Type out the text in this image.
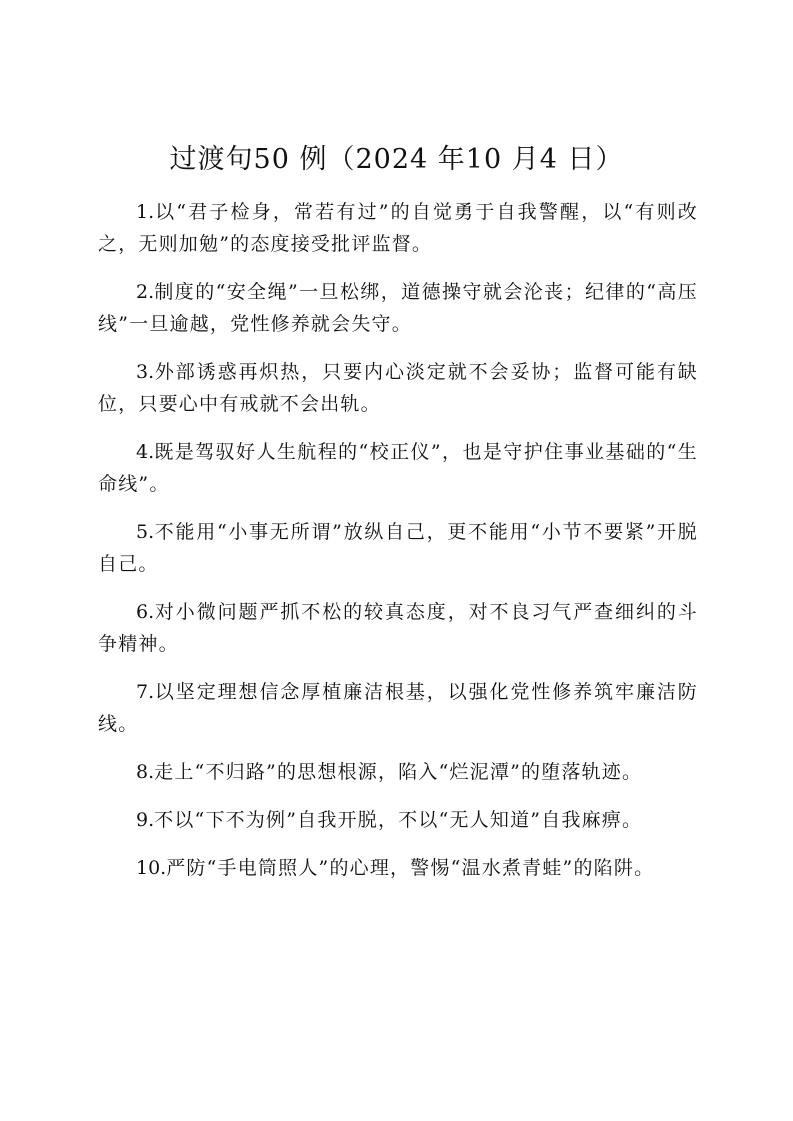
过渡句50 例（2024 年10 月4 日）
1.以“君子检身，常若有过”的自觉勇于自我警醒，以“有则改之，无则加勉”的态度接受批评监督。
2.制度的“安全绳”一旦松绑，道德操守就会沦丧；纪律的“高压线”一旦逾越，党性修养就会失守。
3.外部诱惑再炽热，只要内心淡定就不会妥协；监督可能有缺位，只要心中有戒就不会出轨。
4.既是驾驭好人生航程的“校正仪”，也是守护住事业基础的“生命线”。
5.不能用“小事无所谓”放纵自己，更不能用“小节不要紧”开脱自己。
6.对小微问题严抓不松的较真态度，对不良习气严查细纠的斗争精神。
7.以坚定理想信念厚植廉洁根基，以强化党性修养筑牢廉洁防线。
8.走上“不归路”的思想根源，陷入“烂泥潭”的堕落轨迹。
9.不以“下不为例”自我开脱，不以“无人知道”自我麻痹。
10.严防“手电筒照人”的心理，警惕“温水煮青蛙”的陷阱。
